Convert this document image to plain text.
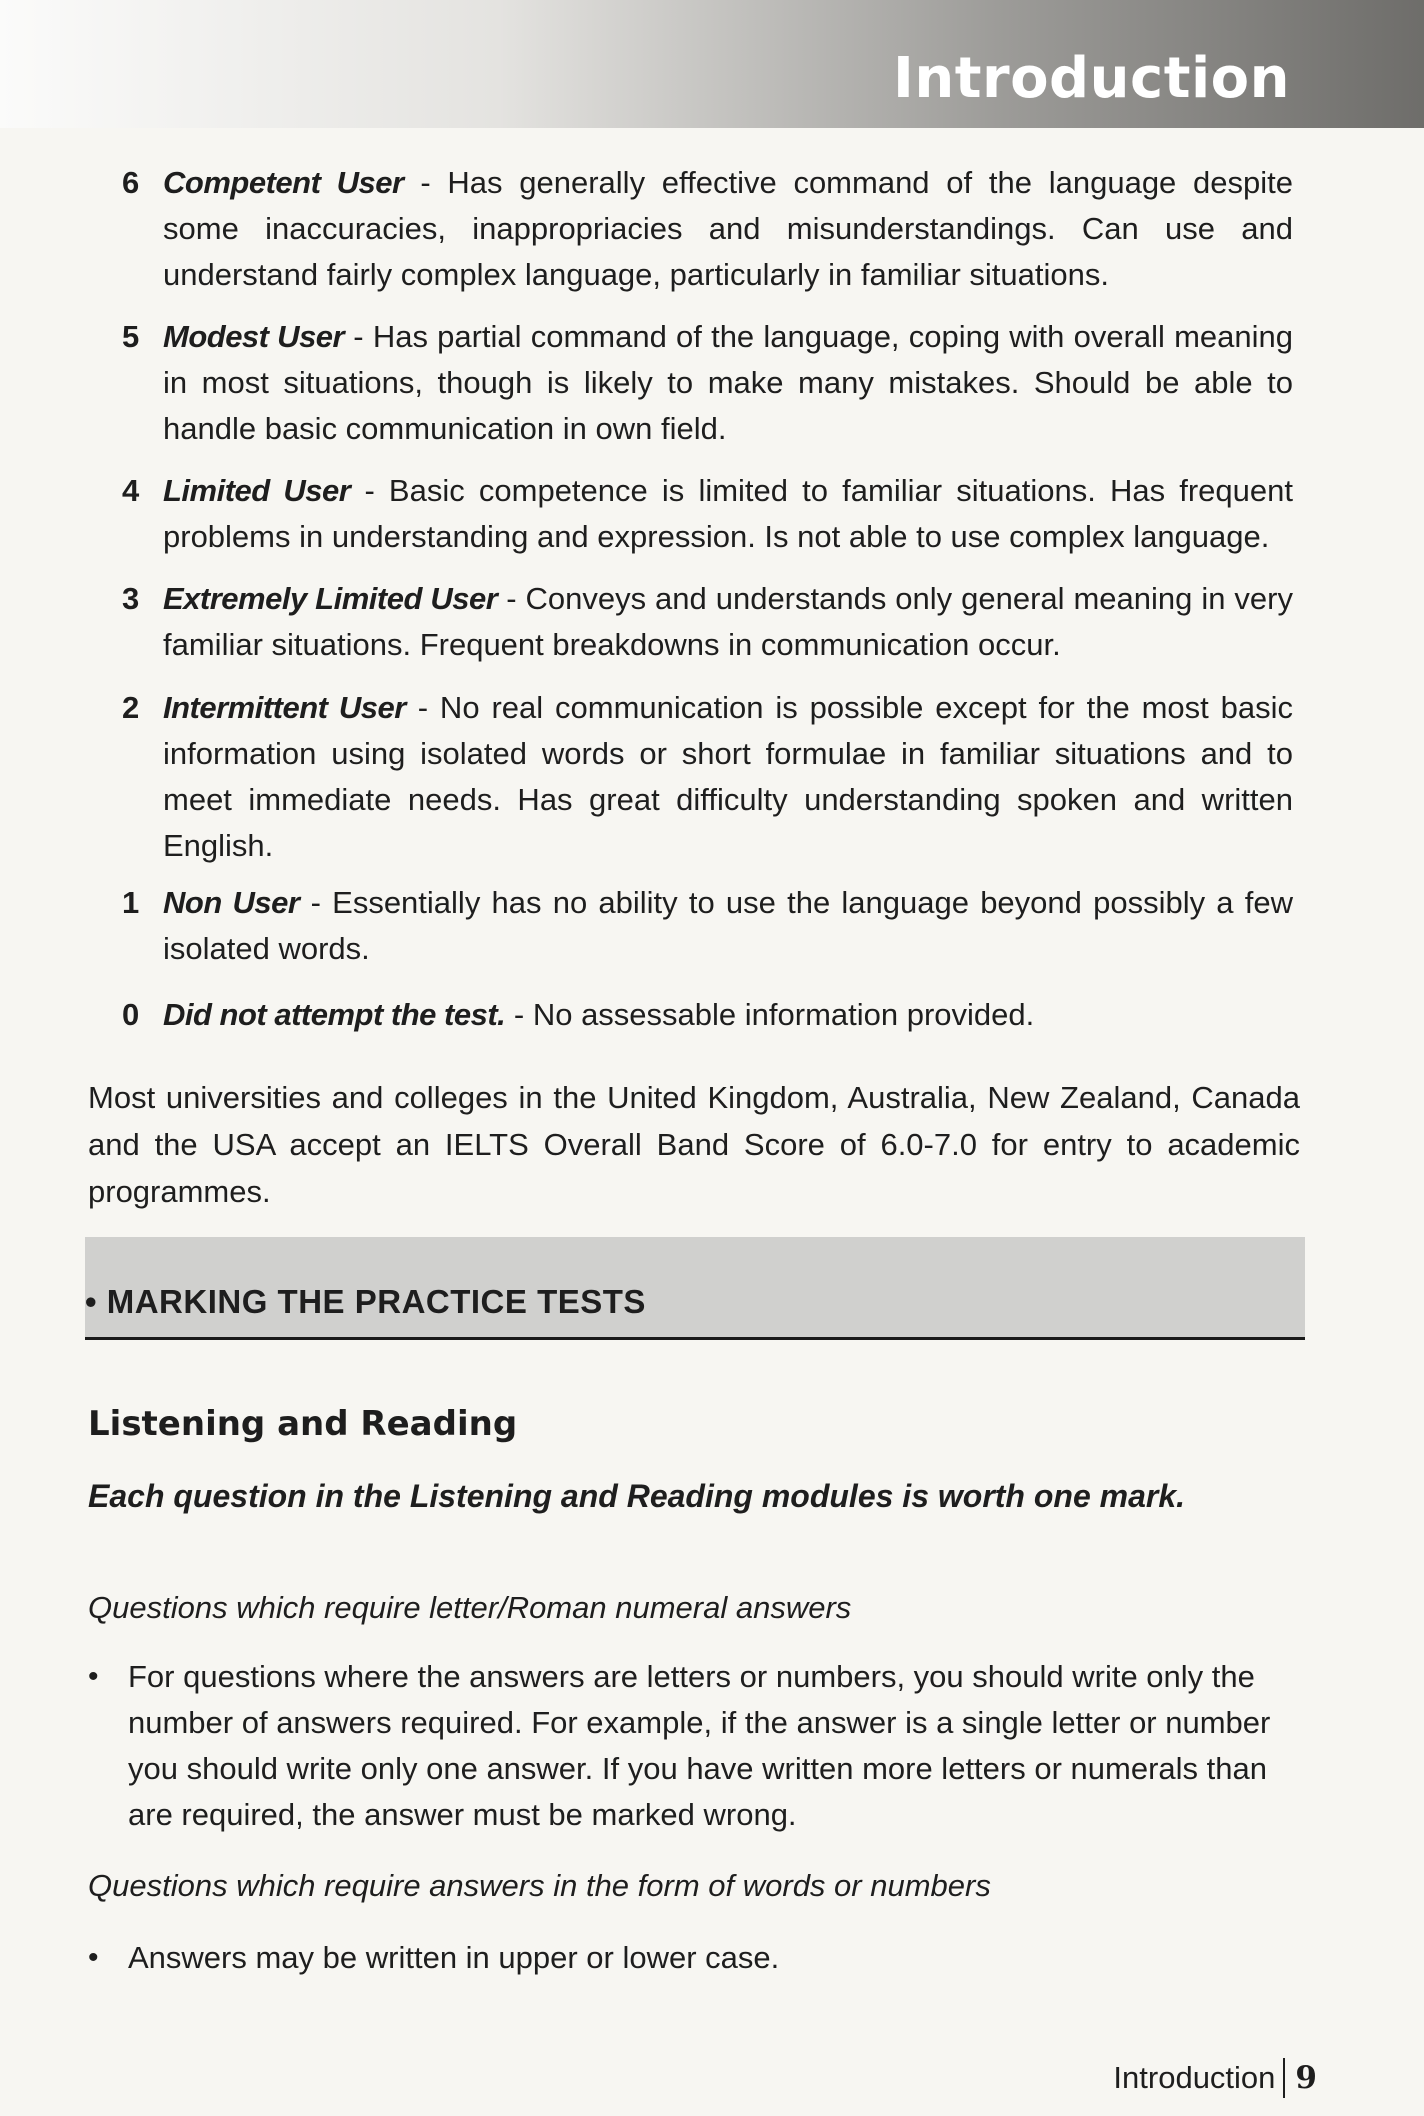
Introduction
6 Competent User - Has generally effective command of the language despite some inaccuracies, inappropriacies and misunderstandings. Can use and understand fairly complex language, particularly in familiar situations.
5 Modest User - Has partial command of the language, coping with overall meaning in most situations, though is likely to make many mistakes. Should be able to handle basic communication in own field.
4 Limited User - Basic competence is limited to familiar situations. Has frequent problems in understanding and expression. Is not able to use complex language.
3 Extremely Limited User - Conveys and understands only general meaning in very familiar situations. Frequent breakdowns in communication occur.
2 Intermittent User - No real communication is possible except for the most basic information using isolated words or short formulae in familiar situations and to meet immediate needs. Has great difficulty understanding spoken and written English.
1 Non User - Essentially has no ability to use the language beyond possibly a few isolated words.
0 Did not attempt the test. - No assessable information provided.
Most universities and colleges in the United Kingdom, Australia, New Zealand, Canada and the USA accept an IELTS Overall Band Score of 6.0-7.0 for entry to academic programmes.
• MARKING THE PRACTICE TESTS
Listening and Reading
Each question in the Listening and Reading modules is worth one mark.
Questions which require letter/Roman numeral answers
• For questions where the answers are letters or numbers, you should write only the number of answers required. For example, if the answer is a single letter or number you should write only one answer. If you have written more letters or numerals than are required, the answer must be marked wrong.
Questions which require answers in the form of words or numbers
• Answers may be written in upper or lower case.
Introduction 9
